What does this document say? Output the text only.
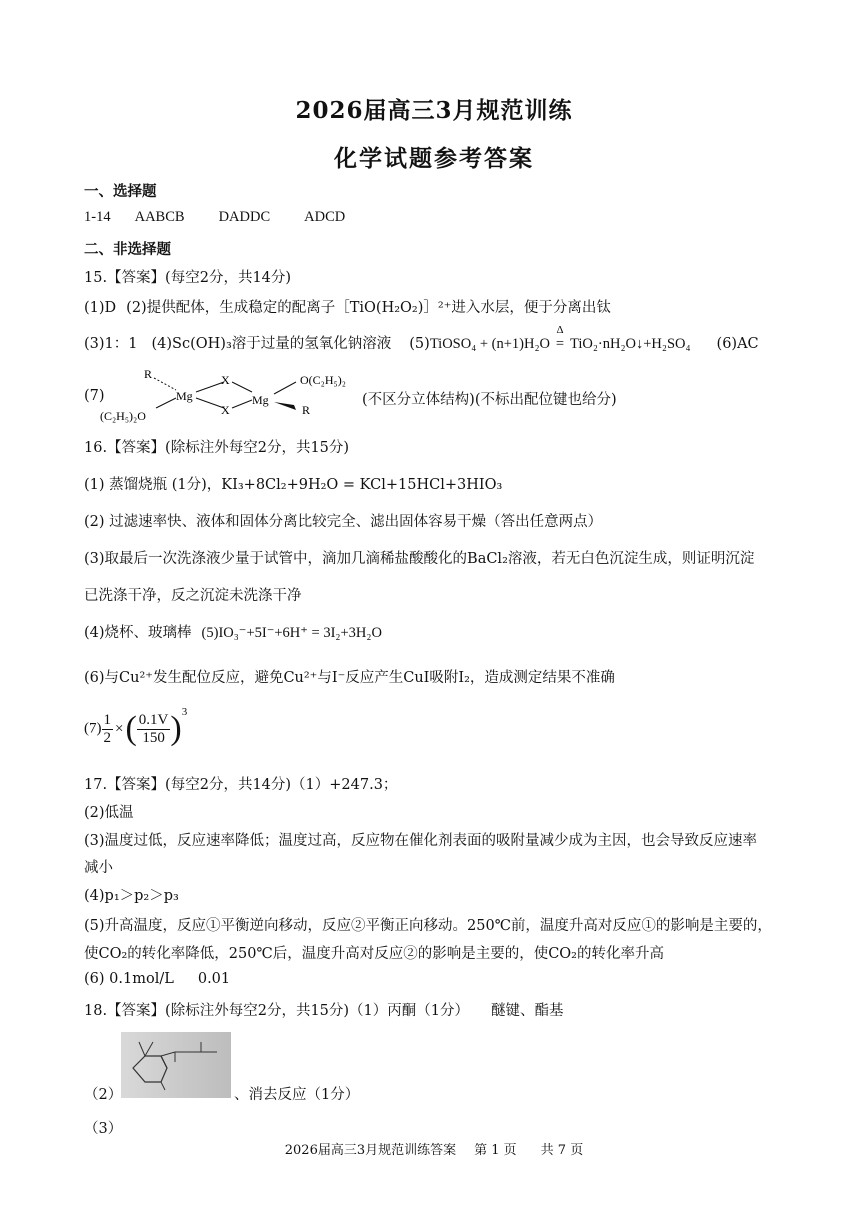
2026届高三3月规范训练
化学试题参考答案
一、选择题
1-14 AABCB DADDC ADCD
二、非选择题
15.【答案】(每空2分，共14分)
(1)D (2)提供配体，生成稳定的配离子［TiO(H₂O₂)］²⁺进入水层，便于分离出钛
(3)1：1 (4)Sc(OH)₃溶于过量的氢氧化钠溶液 (5)TiOSO₄ + (n+1)H₂O
Δ
= TiO₂·nH₂O↓+H₂SO₄ (6)AC
(7)
R
Mg
X
X
Mg
O(C₂H₅)₂
R
(C₂H₅)₂O
(不区分立体结构)(不标出配位键也给分)
16.【答案】(除标注外每空2分，共15分)
(1) 蒸馏烧瓶 (1分)，KI₃+8Cl₂+9H₂O = KCl+15HCl+3HIO₃
(2) 过滤速率快、液体和固体分离比较完全、滤出固体容易干燥（答出任意两点）
(3)取最后一次洗涤液少量于试管中，滴加几滴稀盐酸酸化的BaCl₂溶液，若无白色沉淀生成，则证明沉淀
已洗涤干净，反之沉淀未洗涤干净
(4)烧杯、玻璃棒 (5)IO₃⁻+5I⁻+6H⁺ = 3I₂+3H₂O
(6)与Cu²⁺发生配位反应，避免Cu²⁺与I⁻反应产生CuI吸附I₂，造成测定结果不准确
$(7) \frac{1}{2}$ ×( $\frac{0.1V}{150} )^3$
17.【答案】(每空2分，共14分)（1）+247.3；
(2)低温
(3)温度过低，反应速率降低；温度过高，反应物在催化剂表面的吸附量减少成为主因，也会导致反应速率
减小
(4)p₁＞p₂＞p₃
(5)升高温度，反应①平衡逆向移动，反应②平衡正向移动。250℃前，温度升高对反应①的影响是主要的，
使CO₂的转化率降低，250℃后，温度升高对反应②的影响是主要的，使CO₂的转化率升高
(6) 0.1mol/L 0.01
18.【答案】(除标注外每空2分，共15分)（1）丙酮（1分） 醚键、酯基
（2）	、消去反应（1分）
（3）
2026届高三3月规范训练答案 第 1 页 共 7 页
